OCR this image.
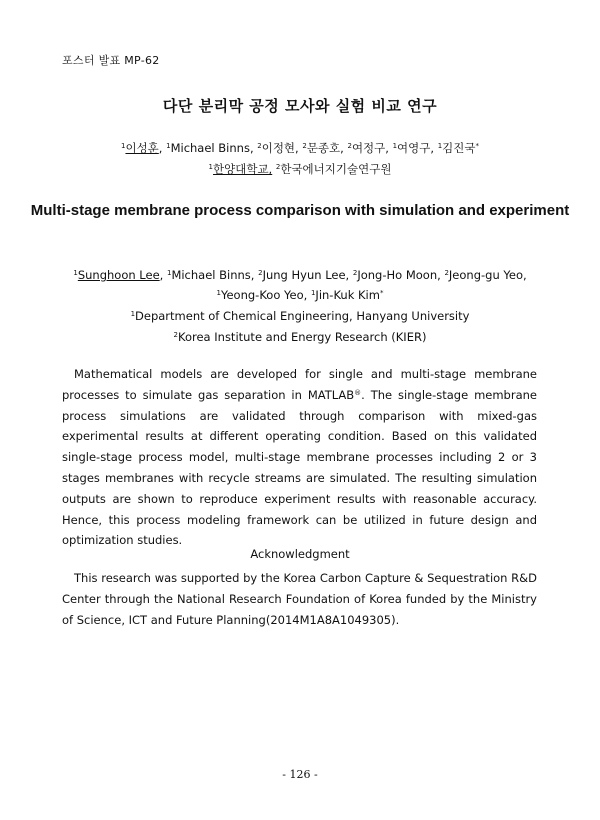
포스터 발표 MP-62
다단 분리막 공정 모사와 실험 비교 연구
$^1$이성훈, $^1$Michael Binns, $^2$이정현, $^2$문종호, $^2$여정구, $^1$여영구, $^1$김진국*
$^1$한양대학교, $^2$한국에너지기술연구원
Multi-stage membrane process comparison with simulation and experiment
$^1$Sunghoon Lee, $^1$Michael Binns, $^2$Jung Hyun Lee, $^2$Jong-Ho Moon, $^2$Jeong-gu Yeo,
$^1$Yeong-Koo Yeo, $^1$Jin-Kuk Kim*
$^1$Department of Chemical Engineering, Hanyang University
$^2$Korea Institute and Energy Research (KIER)

Mathematical models are developed for single and multi-stage membrane processes to simulate gas separation in MATLAB®. The single-stage membrane process simulations are validated through comparison with mixed-gas experimental results at different operating condition. Based on this validated single-stage process model, multi-stage membrane processes including 2 or 3 stages membranes with recycle streams are simulated. The resulting simulation outputs are shown to reproduce experiment results with reasonable accuracy. Hence, this process modeling framework can be utilized in future design and optimization studies.

Acknowledgment

This research was supported by the Korea Carbon Capture & Sequestration R&D Center through the National Research Foundation of Korea funded by the Ministry of Science, ICT and Future Planning(2014M1A8A1049305).

- 126 -
